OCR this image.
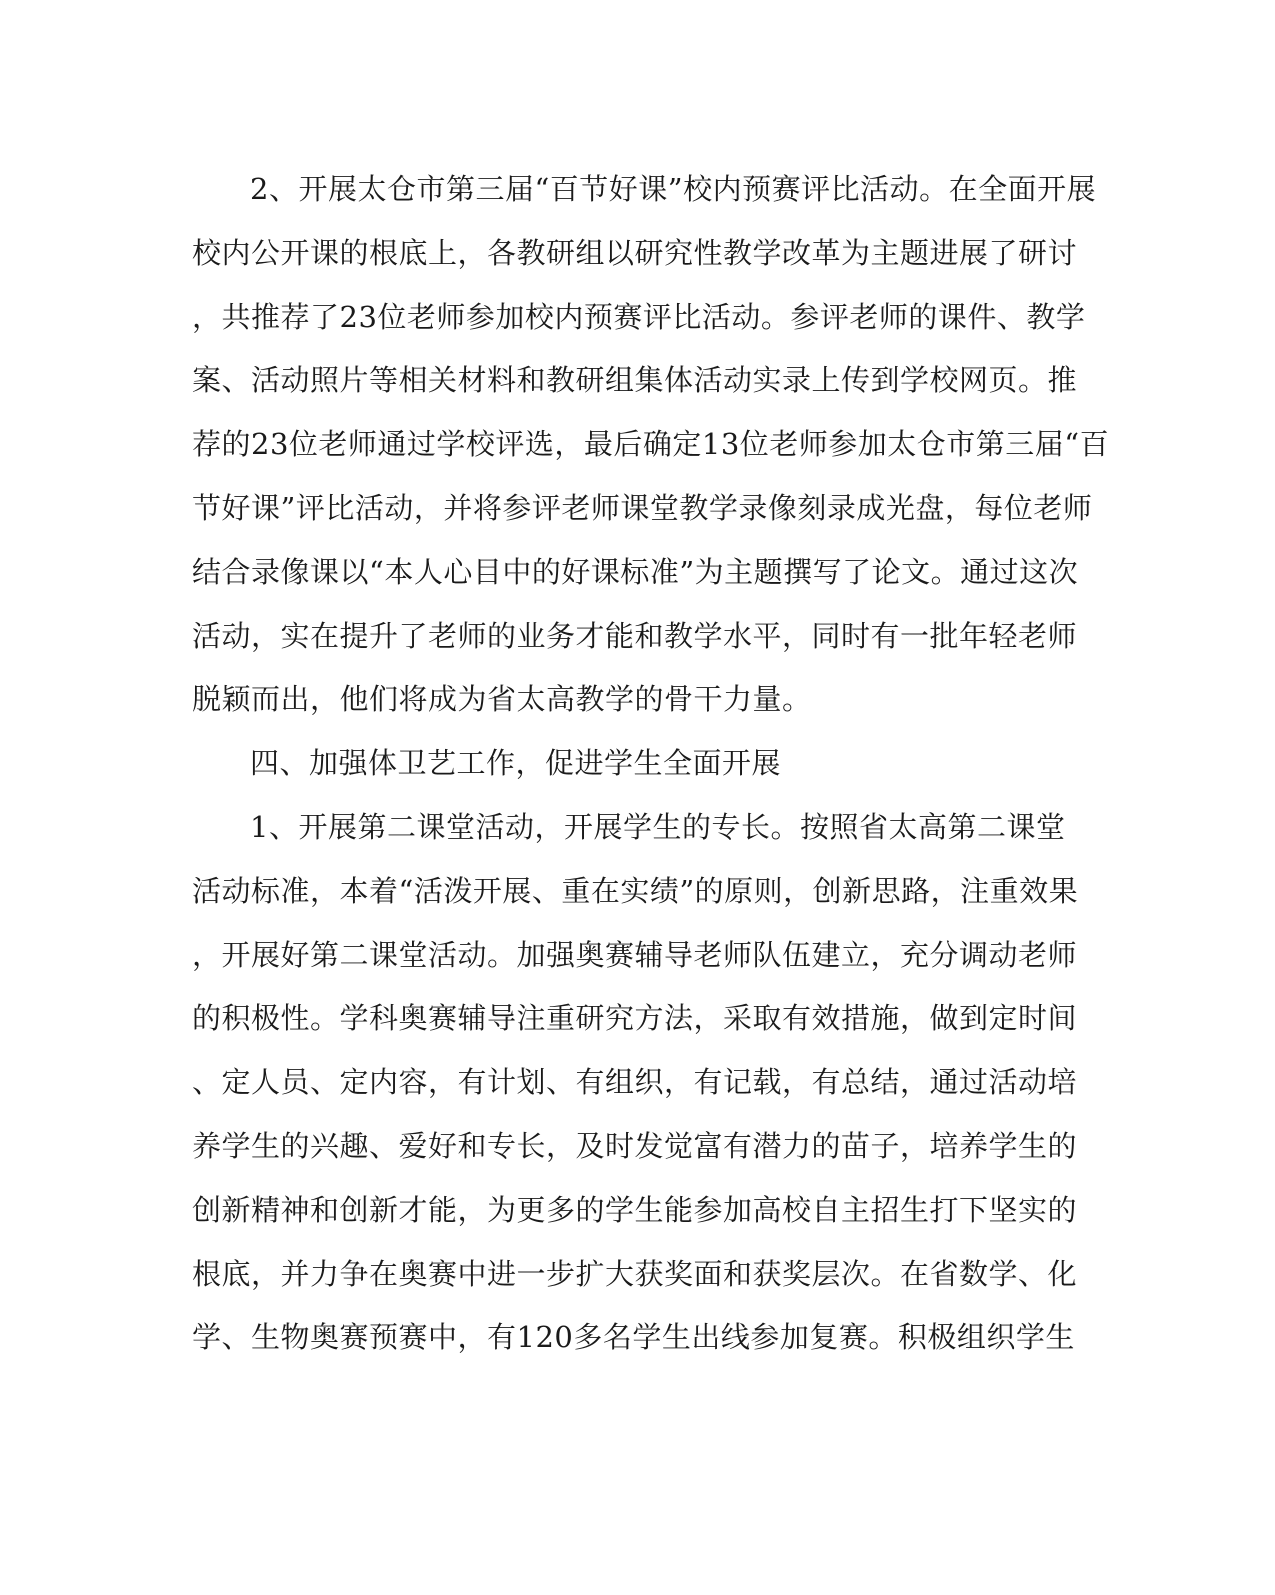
2、开展太仓市第三届“百节好课”校内预赛评比活动。在全面开展
校内公开课的根底上，各教研组以研究性教学改革为主题进展了研讨
，共推荐了23位老师参加校内预赛评比活动。参评老师的课件、教学
案、活动照片等相关材料和教研组集体活动实录上传到学校网页。推
荐的23位老师通过学校评选，最后确定13位老师参加太仓市第三届“百
节好课”评比活动，并将参评老师课堂教学录像刻录成光盘，每位老师
结合录像课以“本人心目中的好课标准”为主题撰写了论文。通过这次
活动，实在提升了老师的业务才能和教学水平，同时有一批年轻老师
脱颖而出，他们将成为省太高教学的骨干力量。
四、加强体卫艺工作，促进学生全面开展
1、开展第二课堂活动，开展学生的专长。按照省太高第二课堂
活动标准，本着“活泼开展、重在实绩”的原则，创新思路，注重效果
，开展好第二课堂活动。加强奥赛辅导老师队伍建立，充分调动老师
的积极性。学科奥赛辅导注重研究方法，采取有效措施，做到定时间
、定人员、定内容，有计划、有组织，有记载，有总结，通过活动培
养学生的兴趣、爱好和专长，及时发觉富有潜力的苗子，培养学生的
创新精神和创新才能，为更多的学生能参加高校自主招生打下坚实的
根底，并力争在奥赛中进一步扩大获奖面和获奖层次。在省数学、化
学、生物奥赛预赛中，有120多名学生出线参加复赛。积极组织学生
